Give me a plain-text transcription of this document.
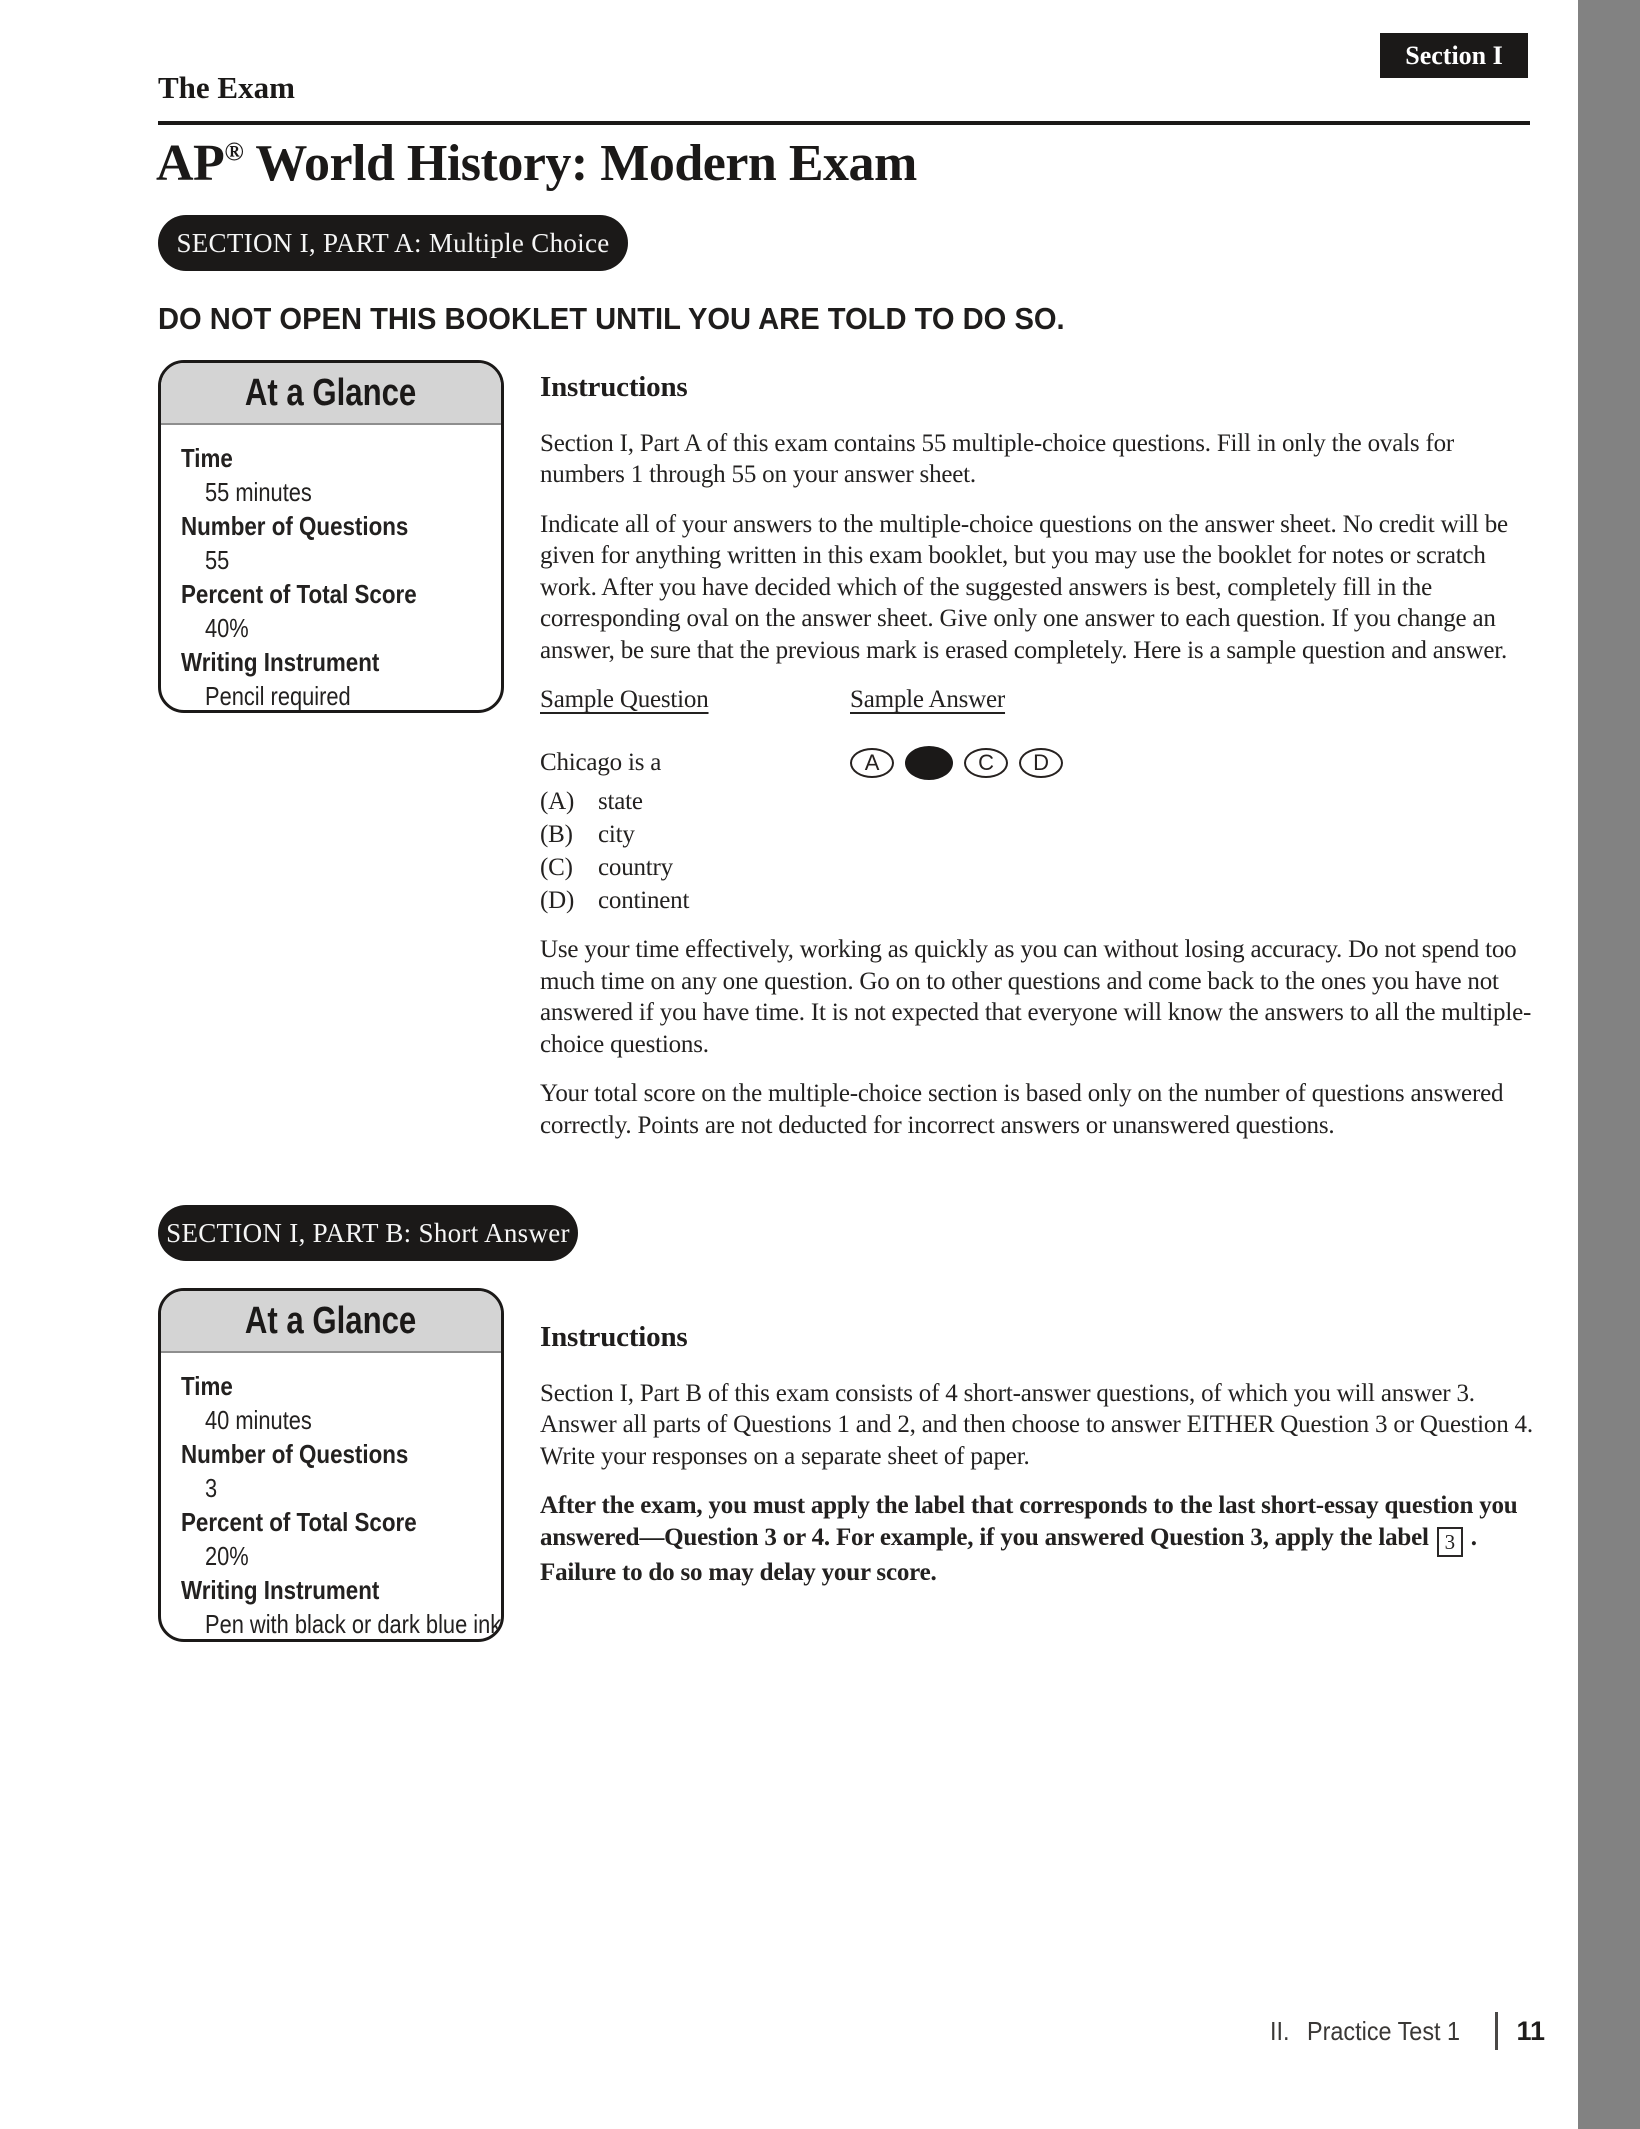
Section I
The Exam
AP® World History: Modern Exam
SECTION I, PART A: Multiple Choice
DO NOT OPEN THIS BOOKLET UNTIL YOU ARE TOLD TO DO SO.
At a Glance
Time
55 minutes
Number of Questions
55
Percent of Total Score
40%
Writing Instrument
Pencil required
Instructions

Section I, Part A of this exam contains 55 multiple-choice questions. Fill in only the ovals for numbers 1 through 55 on your answer sheet.

Indicate all of your answers to the multiple-choice questions on the answer sheet. No credit will be given for anything written in this exam booklet, but you may use the booklet for notes or scratch work. After you have decided which of the suggested answers is best, completely fill in the corresponding oval on the answer sheet. Give only one answer to each question. If you change an answer, be sure that the previous mark is erased completely. Here is a sample question and answer.

Sample Question
Chicago is a
(A) state
(B)	city
(C)	country
(D) continent
Sample Answer
A	C D

Use your time effectively, working as quickly as you can without losing accuracy. Do not spend too much time on any one question. Go on to other questions and come back to the ones you have not answered if you have time. It is not expected that everyone will know the answers to all the multiple-choice questions.

Your total score on the multiple-choice section is based only on the number of questions answered correctly. Points are not deducted for incorrect answers or unanswered questions.

SECTION I, PART B: Short Answer
At a Glance
Time
40 minutes
Number of Questions
3
Percent of Total Score
20%
Writing Instrument
Pen with black or dark blue ink
Instructions

Section I, Part B of this exam consists of 4 short-answer questions, of which you will answer 3. Answer all parts of Questions 1 and 2, and then choose to answer EITHER Question 3 or Question 4. Write your responses on a separate sheet of paper.

After the exam, you must apply the label that corresponds to the last short-essay question you answered—Question 3 or 4. For example, if you answered Question 3, apply the label 3 . Failure to do so may delay your score.

II. Practice Test 1	11
